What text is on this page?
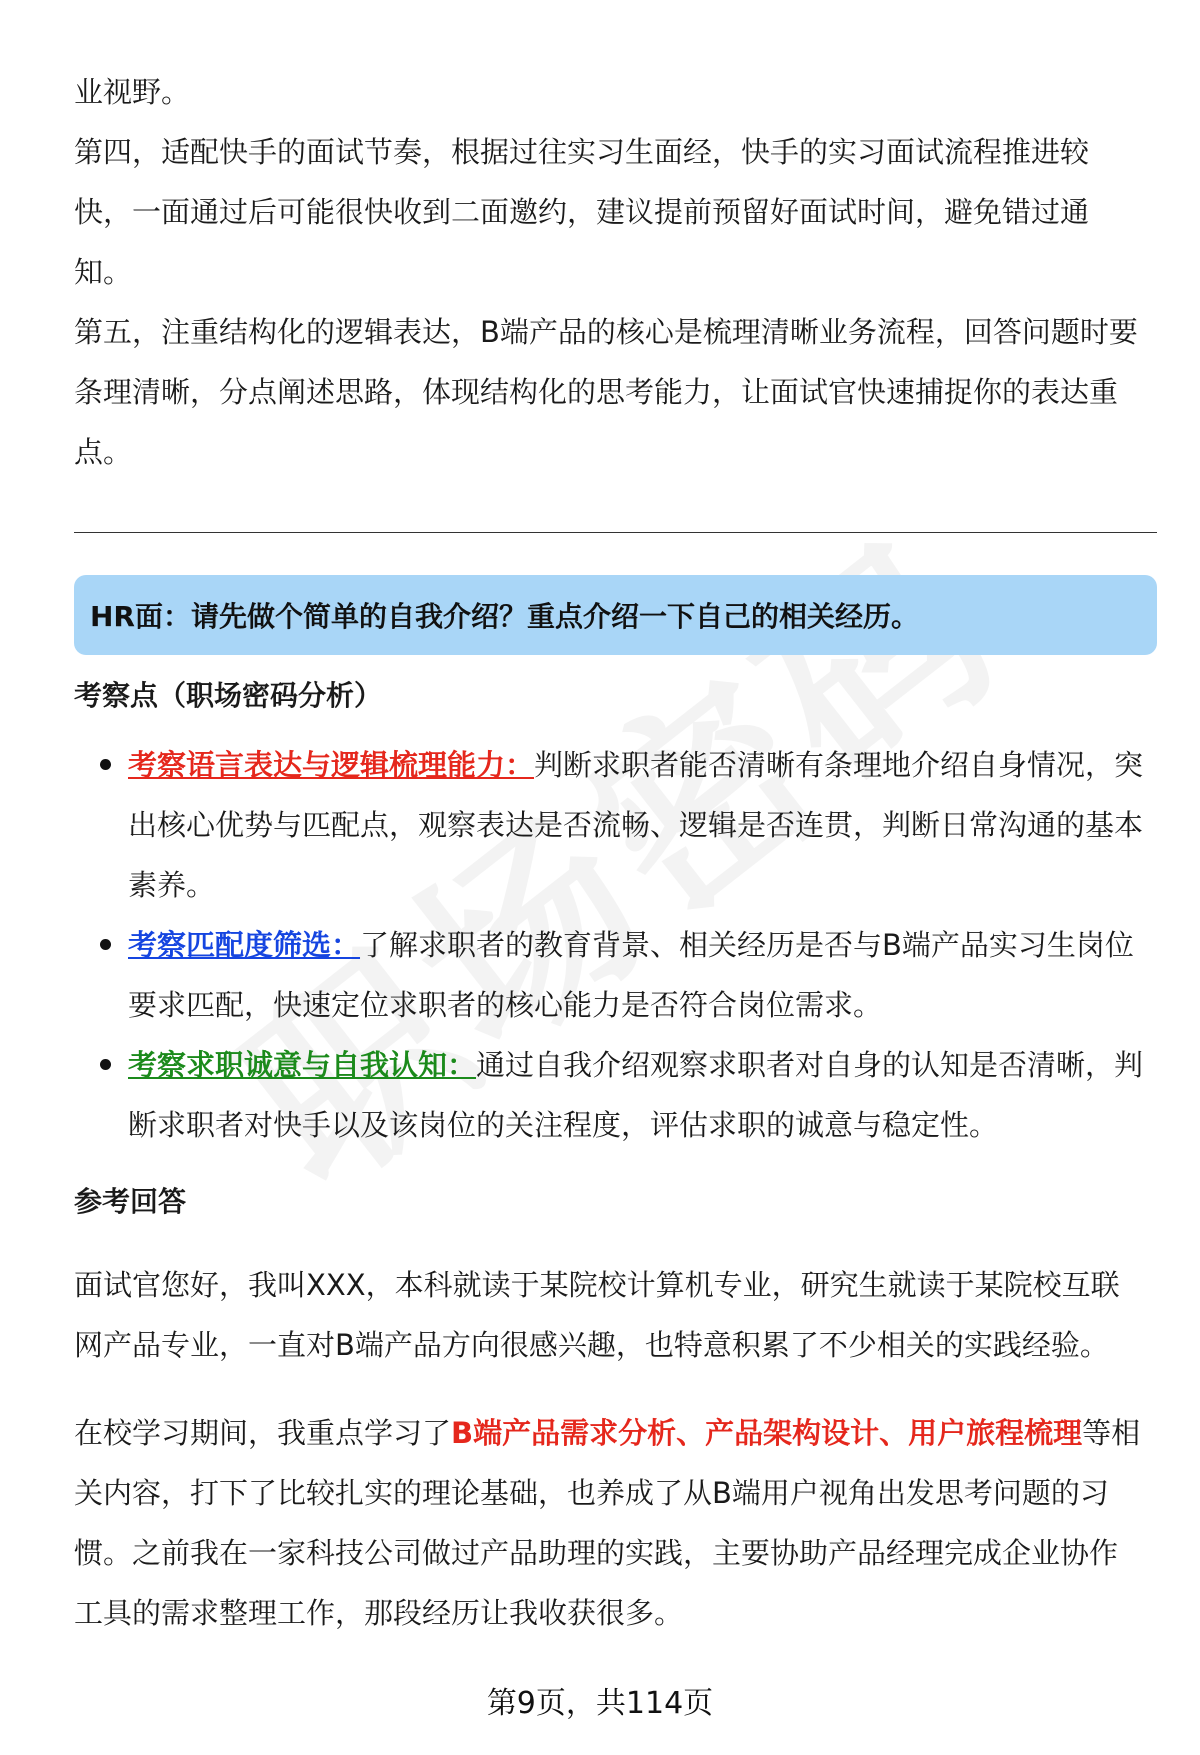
业视野。

第四，适配快手的面试节奏，根据过往实习生面经，快手的实习面试流程推进较快，一面通过后可能很快收到二面邀约，建议提前预留好面试时间，避免错过通知。

第五，注重结构化的逻辑表达，B端产品的核心是梳理清晰业务流程，回答问题时要条理清晰，分点阐述思路，体现结构化的思考能力，让面试官快速捕捉你的表达重点。

HR面：请先做个简单的自我介绍？重点介绍一下自己的相关经历。

考察点（职场密码分析）

考察语言表达与逻辑梳理能力：判断求职者能否清晰有条理地介绍自身情况，突出核心优势与匹配点，观察表达是否流畅、逻辑是否连贯，判断日常沟通的基本素养。
考察匹配度筛选：了解求职者的教育背景、相关经历是否与B端产品实习生岗位要求匹配，快速定位求职者的核心能力是否符合岗位需求。
考察求职诚意与自我认知：通过自我介绍观察求职者对自身的认知是否清晰，判断求职者对快手以及该岗位的关注程度，评估求职的诚意与稳定性。

参考回答

面试官您好，我叫XXX，本科就读于某院校计算机专业，研究生就读于某院校互联网产品专业，一直对B端产品方向很感兴趣，也特意积累了不少相关的实践经验。

在校学习期间，我重点学习了B端产品需求分析、产品架构设计、用户旅程梳理等相关内容，打下了比较扎实的理论基础，也养成了从B端用户视角出发思考问题的习惯。之前我在一家科技公司做过产品助理的实践，主要协助产品经理完成企业协作工具的需求整理工作，那段经历让我收获很多。

第9页，共114页
